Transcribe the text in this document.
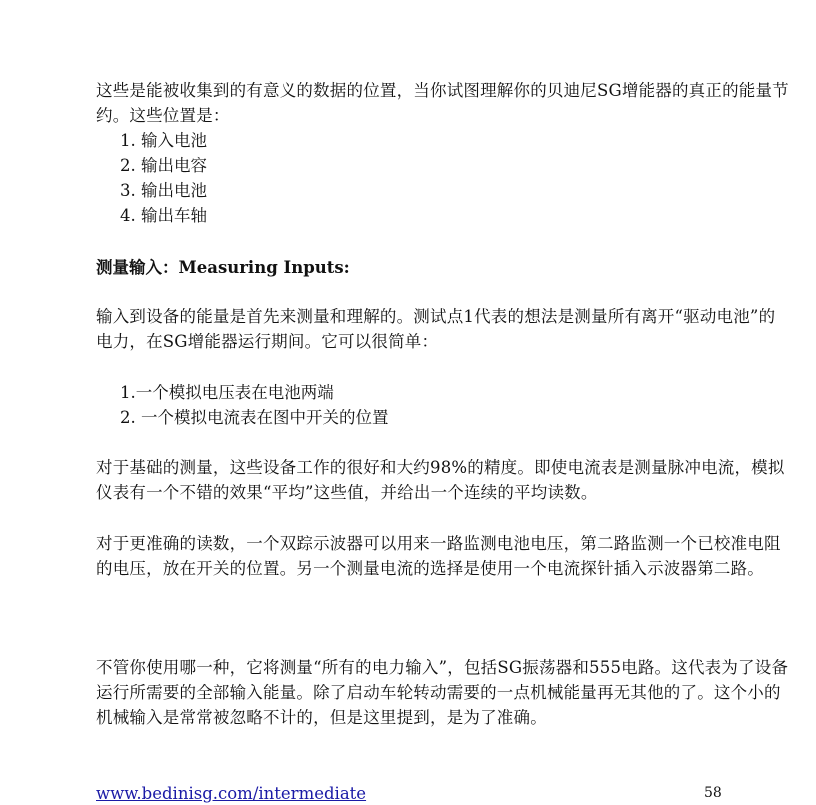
这些是能被收集到的有意义的数据的位置，当你试图理解你的贝迪尼SG增能器的真正的能量节约。这些位置是：
1. 输入电池
2. 输出电容
3. 输出电池
4. 输出车轴
测量输入：Measuring Inputs:
输入到设备的能量是首先来测量和理解的。测试点1代表的想法是测量所有离开“驱动电池”的电力，在SG增能器运行期间。它可以很简单：
1.一个模拟电压表在电池两端
2. 一个模拟电流表在图中开关的位置
对于基础的测量，这些设备工作的很好和大约98%的精度。即使电流表是测量脉冲电流，模拟仪表有一个不错的效果“平均”这些值，并给出一个连续的平均读数。
对于更准确的读数，一个双踪示波器可以用来一路监测电池电压，第二路监测一个已校准电阻的电压，放在开关的位置。另一个测量电流的选择是使用一个电流探针插入示波器第二路。
不管你使用哪一种，它将测量“所有的电力输入”，包括SG振荡器和555电路。这代表为了设备运行所需要的全部输入能量。除了启动车轮转动需要的一点机械能量再无其他的了。这个小的机械输入是常常被忽略不计的，但是这里提到，是为了准确。
www.bedinisg.com/intermediate	58
